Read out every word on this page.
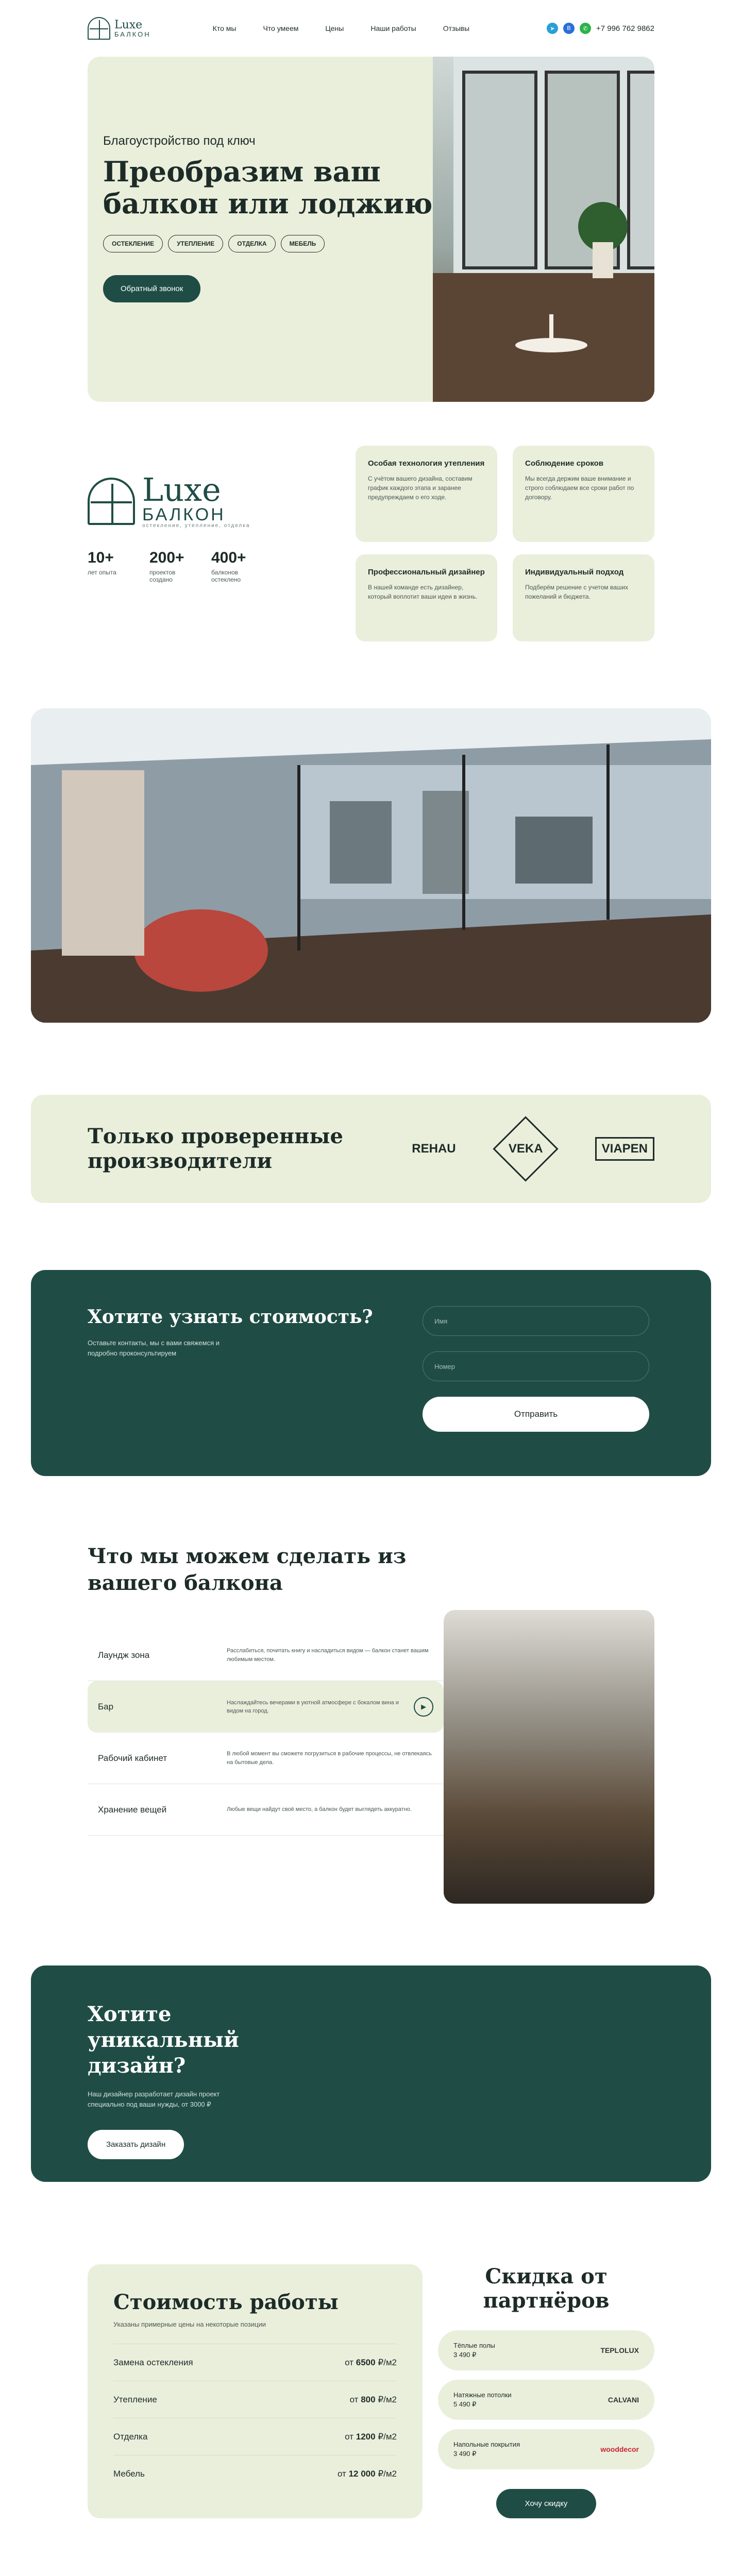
Luxe
БАЛКОН
Кто мы	Что умеем	Цены	Наши работы	Отзывы	➤	B	✆	+7 996 762 9862
Благоустройство под ключ
Преобразим ваш балкон или лоджию
ОСТЕКЛЕНИЕ	УТЕПЛЕНИЕ	ОТДЕЛКА	МЕБЕЛЬ
Обратный звонок
Luxe
БАЛКОН
остекление, утепление, отделка
10+
лет опыта
200+
проектов создано
400+
балконов остеклено
Особая технология утепления
С учётом вашего дизайна, составим график каждого этапа и заранее предупреждаем о его ходе.
Соблюдение сроков
Мы всегда держим ваше внимание и строго соблюдаем все сроки работ по договору.
Профессиональный дизайнер
В нашей команде есть дизайнер, который воплотит ваши идеи в жизнь.
Индивидуальный подход
Подберём решение с учетом ваших пожеланий и бюджета.
Только проверенные производители
REHAU	VEKA	VIAPEN
Хотите узнать стоимость?
Оставьте контакты, мы с вами свяжемся и подробно проконсультируем
Имя
Номер
Отправить
Что мы можем сделать из вашего балкона
Лаундж зона	Расслабиться, почитать книгу и насладиться видом — балкон станет вашим любимым местом.
Бар	Наслаждайтесь вечерами в уютной атмосфере с бокалом вина и видом на город.
▶
Рабочий кабинет	В любой момент вы сможете погрузиться в рабочие процессы, не отвлекаясь на бытовые дела.
Хранение вещей	Любые вещи найдут своё место, а балкон будет выглядеть аккуратно.
Хотите уникальный дизайн?
Наш дизайнер разработает дизайн проект специально под ваши нужды, от 3000 ₽
Заказать дизайн
Стоимость работы
Указаны примерные цены на некоторые позиции
Замена остекления	от 6500 ₽/м2
Утепление	от 800 ₽/м2
Отделка	от 1200 ₽/м2
Мебель	от 12 000 ₽/м2
Скидка от партнёров
Тёплые полы
3 490 ₽
TEPLOLUX
Натяжные потолки
5 490 ₽
CALVANI
Напольные покрытия
3 490 ₽
wooddecor
Хочу скидку
